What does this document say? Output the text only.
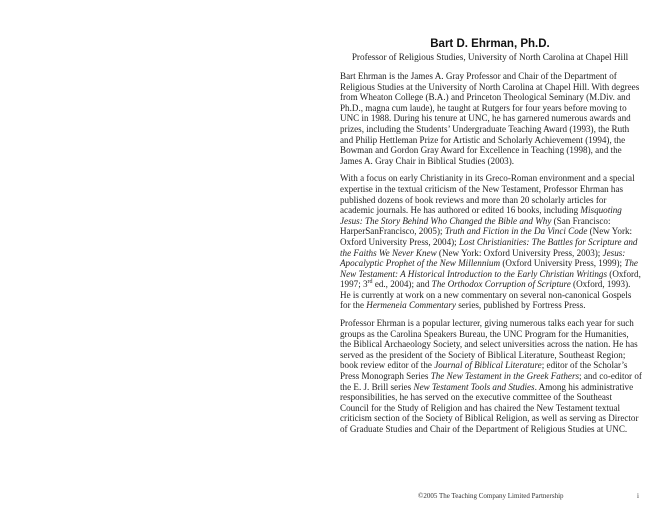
Bart D. Ehrman, Ph.D.

Professor of Religious Studies, University of North Carolina at Chapel Hill

Bart Ehrman is the James A. Gray Professor and Chair of the Department of Religious Studies at the University of North Carolina at Chapel Hill. With degrees from Wheaton College (B.A.) and Princeton Theological Seminary (M.Div. and Ph.D., magna cum laude), he taught at Rutgers for four years before moving to UNC in 1988. During his tenure at UNC, he has garnered numerous awards and prizes, including the Students’ Undergraduate Teaching Award (1993), the Ruth and Philip Hettleman Prize for Artistic and Scholarly Achievement (1994), the Bowman and Gordon Gray Award for Excellence in Teaching (1998), and the James A. Gray Chair in Biblical Studies (2003).

With a focus on early Christianity in its Greco-Roman environment and a special expertise in the textual criticism of the New Testament, Professor Ehrman has published dozens of book reviews and more than 20 scholarly articles for academic journals. He has authored or edited 16 books, including Misquoting Jesus: The Story Behind Who Changed the Bible and Why (San Francisco: HarperSanFrancisco, 2005); Truth and Fiction in the Da Vinci Code (New York: Oxford University Press, 2004); Lost Christianities: The Battles for Scripture and the Faiths We Never Knew (New York: Oxford University Press, 2003); Jesus: Apocalyptic Prophet of the New Millennium (Oxford University Press, 1999); The New Testament: A Historical Introduction to the Early Christian Writings (Oxford, 1997; 3rd ed., 2004); and The Orthodox Corruption of Scripture (Oxford, 1993). He is currently at work on a new commentary on several non-canonical Gospels for the Hermeneia Commentary series, published by Fortress Press.

Professor Ehrman is a popular lecturer, giving numerous talks each year for such groups as the Carolina Speakers Bureau, the UNC Program for the Humanities, the Biblical Archaeology Society, and select universities across the nation. He has served as the president of the Society of Biblical Literature, Southeast Region; book review editor of the Journal of Biblical Literature; editor of the Scholar’s Press Monograph Series The New Testament in the Greek Fathers; and co-editor of the E. J. Brill series New Testament Tools and Studies. Among his administrative responsibilities, he has served on the executive committee of the Southeast Council for the Study of Religion and has chaired the New Testament textual criticism section of the Society of Biblical Religion, as well as serving as Director of Graduate Studies and Chair of the Department of Religious Studies at UNC.

©2005 The Teaching Company Limited Partnership	i
